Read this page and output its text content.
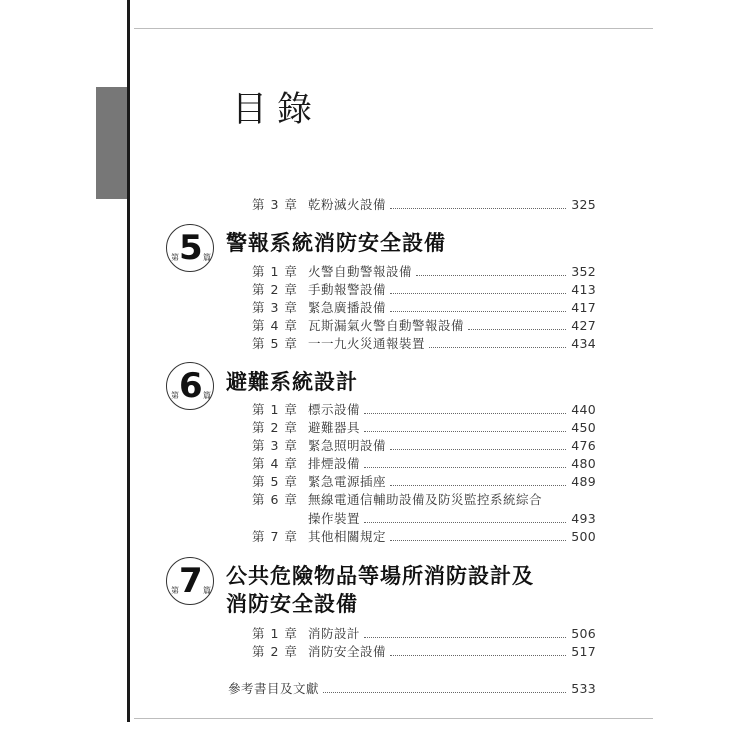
目錄
第 3 章 乾粉滅火設備	325
第 5 篇
警報系統消防安全設備
第 1 章 火警自動警報設備	352
第 2 章 手動報警設備	413
第 3 章 緊急廣播設備	417
第 4 章 瓦斯漏氣火警自動警報設備	427
第 5 章 一一九火災通報裝置	434
第 6 篇
避難系統設計
第 1 章 標示設備	440
第 2 章 避難器具	450
第 3 章 緊急照明設備	476
第 4 章 排煙設備	480
第 5 章 緊急電源插座	489
第 6 章 無線電通信輔助設備及防災監控系統綜合
操作裝置	493
第 7 章 其他相關規定	500
第 7 篇
公共危險物品等場所消防設計及
消防安全設備
第 1 章 消防設計	506
第 2 章 消防安全設備	517
參考書目及文獻	533
